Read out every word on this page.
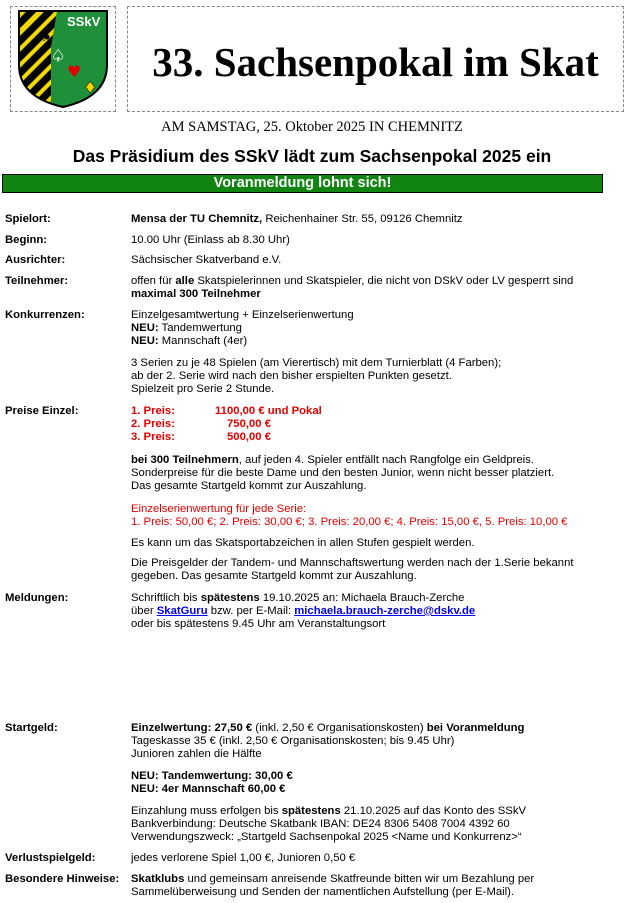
SSkV
♣
♠
♥
♦
33. Sachsenpokal im Skat
AM SAMSTAG, 25. Oktober 2025 IN CHEMNITZ
Das Präsidium des SSkV lädt zum Sachsenpokal 2025 ein
Voranmeldung lohnt sich!
Spielort:	Mensa der TU Chemnitz, Reichenhainer Str. 55, 09126 Chemnitz
Beginn:	10.00 Uhr (Einlass ab 8.30 Uhr)
Ausrichter:	Sächsischer Skatverband e.V.
Teilnehmer:	offen für alle Skatspielerinnen und Skatspieler, die nicht von DSkV oder LV gesperrt sind
maximal 300 Teilnehmer
Konkurrenzen:	Einzelgesamtwertung + Einzelserienwertung
NEU: Tandemwertung
NEU: Mannschaft (4er)
3 Serien zu je 48 Spielen (am Vierertisch) mit dem Turnierblatt (4 Farben);
ab der 2. Serie wird nach den bisher erspielten Punkten gesetzt.
Spielzeit pro Serie 2 Stunde.
Preise Einzel:	1. Preis:	1100,00 € und Pokal
2. Preis:	750,00 €
3. Preis:	500,00 €
bei 300 Teilnehmern, auf jeden 4. Spieler entfällt nach Rangfolge ein Geldpreis.
Sonderpreise für die beste Dame und den besten Junior, wenn nicht besser platziert.
Das gesamte Startgeld kommt zur Auszahlung.
Einzelserienwertung für jede Serie:
1. Preis: 50,00 €; 2. Preis: 30,00 €; 3. Preis: 20,00 €; 4. Preis: 15,00 €, 5. Preis: 10,00 €
Es kann um das Skatsportabzeichen in allen Stufen gespielt werden.
Die Preisgelder der Tandem- und Mannschaftswertung werden nach der 1.Serie bekannt
gegeben. Das gesamte Startgeld kommt zur Auszahlung.
Meldungen:	Schriftlich bis spätestens 19.10.2025 an: Michaela Brauch-Zerche
über SkatGuru bzw. per E-Mail: michaela.brauch-zerche@dskv.de
oder bis spätestens 9.45 Uhr am Veranstaltungsort
Startgeld:	Einzelwertung: 27,50 € (inkl. 2,50 € Organisationskosten) bei Voranmeldung
Tageskasse 35 € (inkl. 2,50 € Organisationskosten; bis 9.45 Uhr)
Junioren zahlen die Hälfte
NEU: Tandemwertung: 30,00 €
NEU: 4er Mannschaft 60,00 €
Einzahlung muss erfolgen bis spätestens 21.10.2025 auf das Konto des SSkV
Bankverbindung: Deutsche Skatbank IBAN: DE24 8306 5408 7004 4392 60
Verwendungszweck: „Startgeld Sachsenpokal 2025 <Name und Konkurrenz>“
Verlustspielgeld:	jedes verlorene Spiel 1,00 €, Junioren 0,50 €
Besondere Hinweise: Skatklubs und gemeinsam anreisende Skatfreunde bitten wir um Bezahlung per
Sammelüberweisung und Senden der namentlichen Aufstellung (per E-Mail).
